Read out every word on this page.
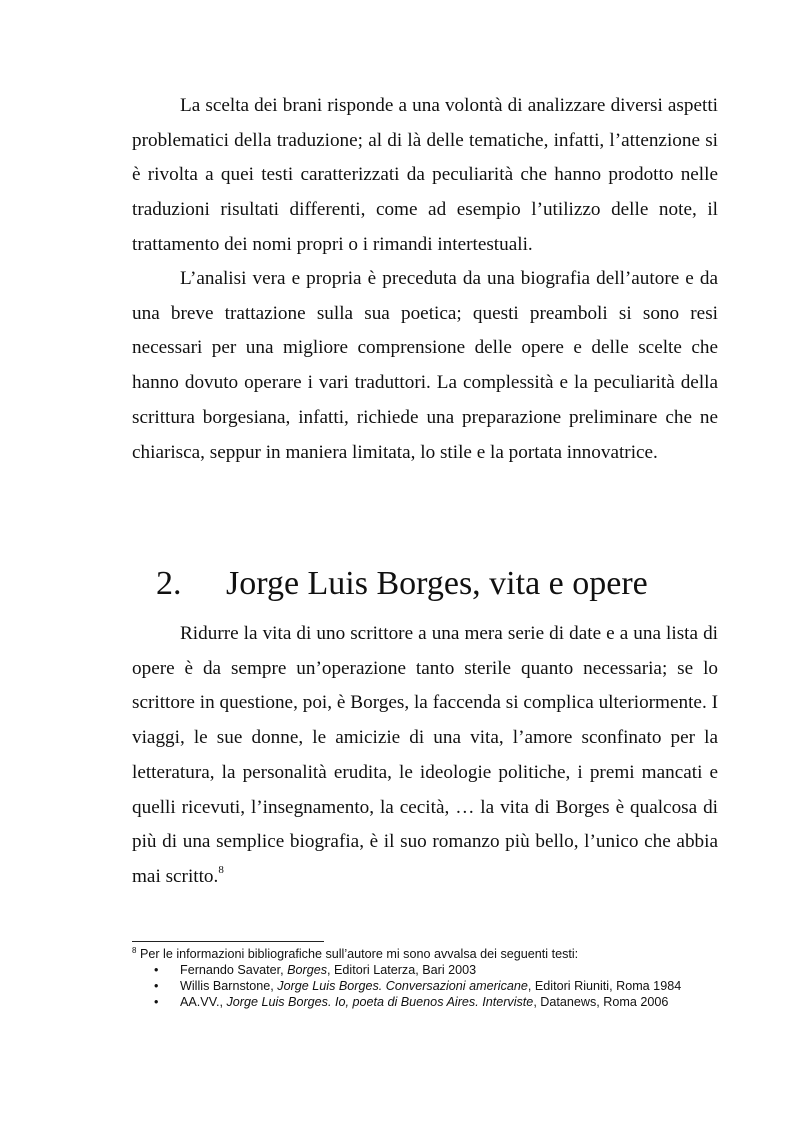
La scelta dei brani risponde a una volontà di analizzare diversi aspetti problematici della traduzione; al di là delle tematiche, infatti, l’attenzione si è rivolta a quei testi caratterizzati da peculiarità che hanno prodotto nelle traduzioni risultati differenti, come ad esempio l’utilizzo delle note, il trattamento dei nomi propri o i rimandi intertestuali.

L’analisi vera e propria è preceduta da una biografia dell’autore e da una breve trattazione sulla sua poetica; questi preamboli si sono resi necessari per una migliore comprensione delle opere e delle scelte che hanno dovuto operare i vari traduttori. La complessità e la peculiarità della scrittura borgesiana, infatti, richiede una preparazione preliminare che ne chiarisca, seppur in maniera limitata, lo stile e la portata innovatrice.

2. Jorge Luis Borges, vita e opere

Ridurre la vita di uno scrittore a una mera serie di date e a una lista di opere è da sempre un’operazione tanto sterile quanto necessaria; se lo scrittore in questione, poi, è Borges, la faccenda si complica ulteriormente. I viaggi, le sue donne, le amicizie di una vita, l’amore sconfinato per la letteratura, la personalità erudita, le ideologie politiche, i premi mancati e quelli ricevuti, l’insegnamento, la cecità, … la vita di Borges è qualcosa di più di una semplice biografia, è il suo romanzo più bello, l’unico che abbia mai scritto.$^8$

$^8$ Per le informazioni bibliografiche sull’autore mi sono avvalsa dei seguenti testi:

• Fernando Savater, Borges, Editori Laterza, Bari 2003
• Willis Barnstone, Jorge Luis Borges. Conversazioni americane, Editori Riuniti, Roma 1984
• AA.VV., Jorge Luis Borges. Io, poeta di Buenos Aires. Interviste, Datanews, Roma 2006
